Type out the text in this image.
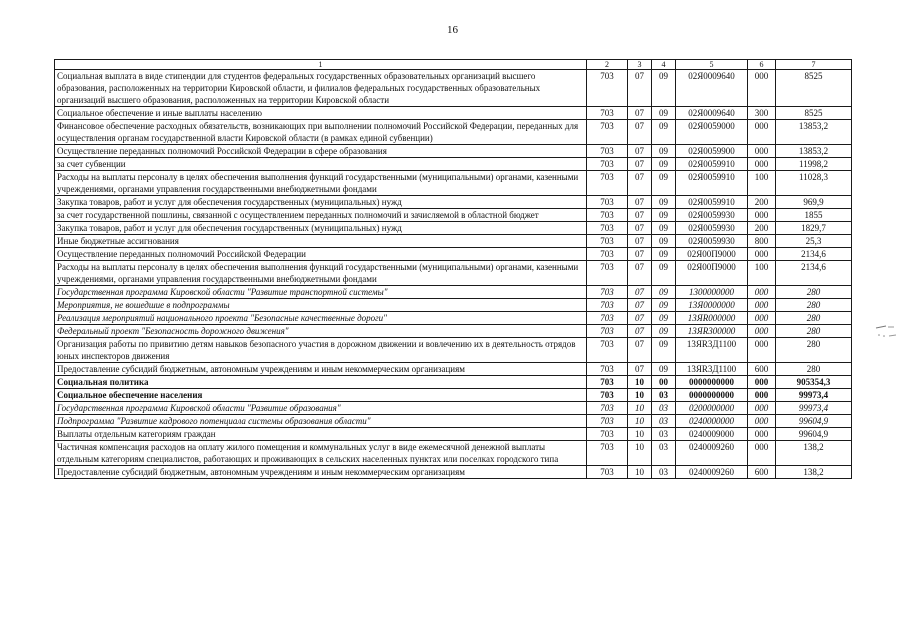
16
1	2	3	4	5	6	7
Социальная выплата в виде стипендии для студентов федеральных государственных образовательных организаций высшего образования, расположенных на территории Кировской области, и филиалов федеральных государственных образовательных организаций высшего образования, расположенных на территории Кировской области	703	07	09	02Я0009640	000	8525
Социальное обеспечение и иные выплаты населению	703	07	09	02Я0009640	300	8525
Финансовое обеспечение расходных обязательств, возникающих при выполнении полномочий Российской Федерации, переданных для осуществления органам государственной власти Кировской области (в рамках единой субвенции)	703	07	09	02Я0059000	000	13853,2
Осуществление переданных полномочий Российской Федерации в сфере образования	703	07	09	02Я0059900	000	13853,2
за счет субвенции	703	07	09	02Я0059910	000	11998,2
Расходы на выплаты персоналу в целях обеспечения выполнения функций государственными (муниципальными) органами, казенными учреждениями, органами управления государственными внебюджетными фондами	703	07	09	02Я0059910	100	11028,3
Закупка товаров, работ и услуг для обеспечения государственных (муниципальных) нужд	703	07	09	02Я0059910	200	969,9
за счет государственной пошлины, связанной с осуществлением переданных полномочий и зачисляемой в областной бюджет	703	07	09	02Я0059930	000	1855
Закупка товаров, работ и услуг для обеспечения государственных (муниципальных) нужд	703	07	09	02Я0059930	200	1829,7
Иные бюджетные ассигнования	703	07	09	02Я0059930	800	25,3
Осуществление переданных полномочий Российской Федерации	703	07	09	02Я00П9000	000	2134,6
Расходы на выплаты персоналу в целях обеспечения выполнения функций государственными (муниципальными) органами, казенными учреждениями, органами управления государственными внебюджетными фондами	703	07	09	02Я00П9000	100	2134,6
Государственная программа Кировской области "Развитие транспортной системы"	703	07	09	1300000000	000	280
Мероприятия, не вошедшие в подпрограммы	703	07	09	13Я0000000	000	280
Реализация мероприятий национального проекта "Безопасные качественные дороги"	703	07	09	13ЯR000000	000	280
Федеральный проект "Безопасность дорожного движения"	703	07	09	13ЯR300000	000	280
Организация работы по привитию детям навыков безопасного участия в дорожном движении и вовлечению их в деятельность отрядов юных инспекторов движения	703	07	09	13ЯR3Д1100	000	280
Предоставление субсидий бюджетным, автономным учреждениям и иным некоммерческим организациям	703	07	09	13ЯR3Д1100	600	280
Социальная политика	703	10	00	0000000000	000	905354,3
Социальное обеспечение населения	703	10	03	0000000000	000	99973,4
Государственная программа Кировской области "Развитие образования"	703	10	03	0200000000	000	99973,4
Подпрограмма "Развитие кадрового потенциала системы образования области"	703	10	03	0240000000	000	99604,9
Выплаты отдельным категориям граждан	703	10	03	0240009000	000	99604,9
Частичная компенсация расходов на оплату жилого помещения и коммунальных услуг в виде ежемесячной денежной выплаты отдельным категориям специалистов, работающих и проживающих в сельских населенных пунктах или поселках городского типа	703	10	03	0240009260	000	138,2
Предоставление субсидий бюджетным, автономным учреждениям и иным некоммерческим организациям	703	10	03	0240009260	600	138,2
